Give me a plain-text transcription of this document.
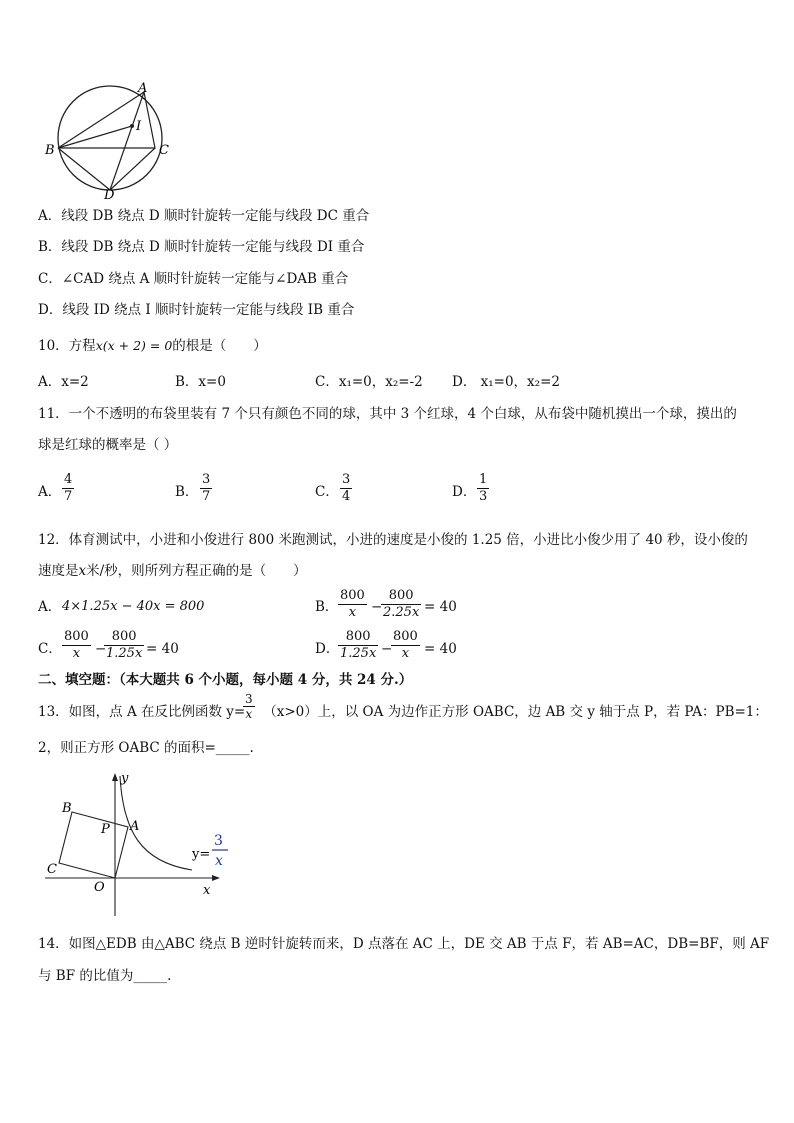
A
B	C
D
I
A．线段 DB 绕点 D 顺时针旋转一定能与线段 DC 重合
B．线段 DB 绕点 D 顺时针旋转一定能与线段 DI 重合
C．∠CAD 绕点 A 顺时针旋转一定能与∠DAB 重合
D．线段 ID 绕点 I 顺时针旋转一定能与线段 IB 重合
10．方程x(x + 2) = 0的根是（　　）
A．x=2	B．x=0	C．x₁=0，x₂=-2 D． x₁=0，x₂=2
11．一个不透明的布袋里装有 7 个只有颜色不同的球，其中 3 个红球，4 个白球，从布袋中随机摸出一个球，摸出的
球是红球的概率是（ ）
A．
4
7	B．
3
7	C．
3
4	D．
1
3
12．体育测试中，小进和小俊进行 800 米跑测试，小进的速度是小俊的 1.25 倍，小进比小俊少用了 40 秒，设小俊的
速度是x米/秒，则所列方程正确的是（　　）
A． 4×1.25x − 40x = 800	B．
800
x	−
800
2.25x = 40
C．
800
x	−
800
1.25x = 40	D．
800
1.25x −
800
x	= 40
二、填空题：（本大题共 6 个小题，每小题 4 分，共 24 分.）
13．如图，点 A 在反比例函数 y= （x>0）上，以 OA 为边作正方形 OABC，边 AB 交 y 轴于点 P，若 PA：PB=1：
3
x
2，则正方形 OABC 的面积=_____.
y
x
B
P A
C
O
y=
3
x
14．如图△EDB 由△ABC 绕点 B 逆时针旋转而来，D 点落在 AC 上，DE 交 AB 于点 F，若 AB=AC，DB=BF，则 AF
与 BF 的比值为_____.
